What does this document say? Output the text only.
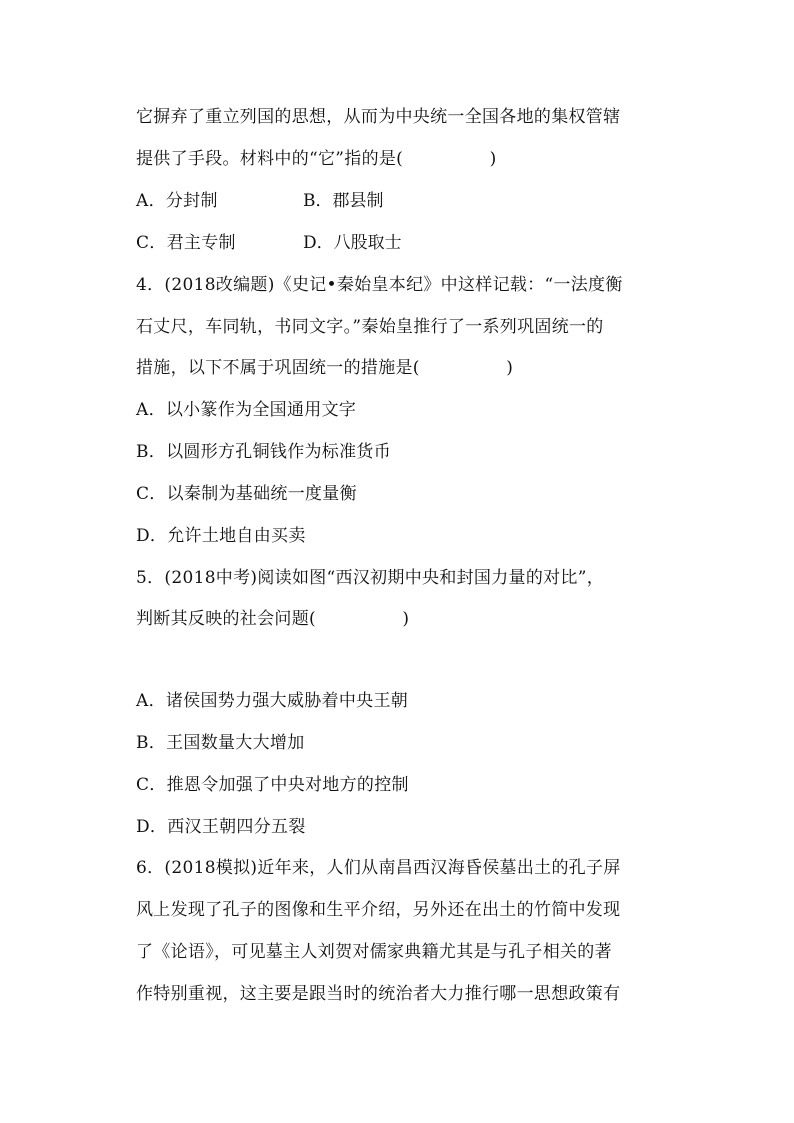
它摒弃了重立列国的思想，从而为中央统一全国各地的集权管辖
提供了手段。材料中的“它”指的是(　　　　　)
A．分封制	B．郡县制
C．君主专制	D．八股取士
4．(2018改编题)《史记•秦始皇本纪》中这样记载：“一法度衡
石丈尺，车同轨，书同文字。”秦始皇推行了一系列巩固统一的
措施，以下不属于巩固统一的措施是(　　　　　)
A．以小篆作为全国通用文字
B．以圆形方孔铜钱作为标准货币
C．以秦制为基础统一度量衡
D．允许土地自由买卖
5．(2018中考)阅读如图“西汉初期中央和封国力量的对比”，
判断其反映的社会问题(　　　　　)
A．诸侯国势力强大威胁着中央王朝
B．王国数量大大增加
C．推恩令加强了中央对地方的控制
D．西汉王朝四分五裂
6．(2018模拟)近年来，人们从南昌西汉海昏侯墓出土的孔子屏
风上发现了孔子的图像和生平介绍，另外还在出土的竹简中发现
了《论语》，可见墓主人刘贺对儒家典籍尤其是与孔子相关的著
作特别重视，这主要是跟当时的统治者大力推行哪一思想政策有
